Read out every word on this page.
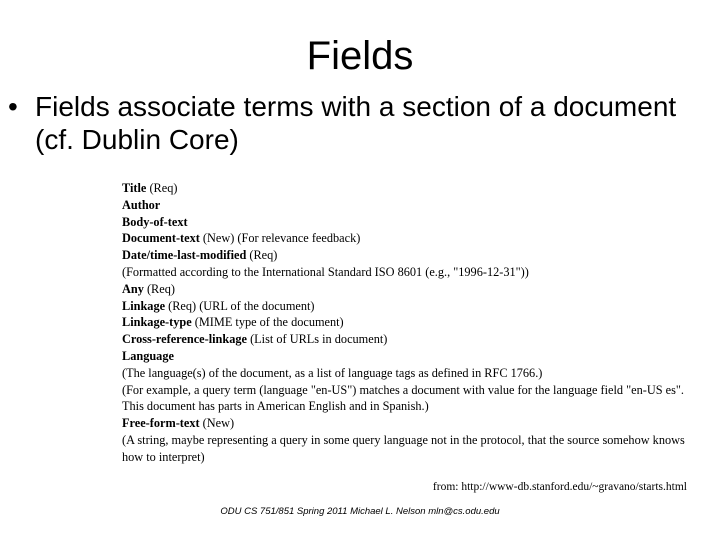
Fields
• Fields associate terms with a section of a document (cf. Dublin Core)
Title (Req)
Author
Body-of-text
Document-text (New) (For relevance feedback)
Date/time-last-modified (Req)
(Formatted according to the International Standard ISO 8601 (e.g., "1996-12-31"))
Any (Req)
Linkage (Req) (URL of the document)
Linkage-type (MIME type of the document)
Cross-reference-linkage (List of URLs in document)
Language
(The language(s) of the document, as a list of language tags as defined in RFC 1766.)
(For example, a query term (language "en-US") matches a document with value for the language field "en-US es". This document has parts in American English and in Spanish.)
Free-form-text (New)
(A string, maybe representing a query in some query language not in the protocol, that the source somehow knows how to interpret)
from: http://www-db.stanford.edu/~gravano/starts.html
ODU CS 751/851 Spring 2011 Michael L. Nelson mln@cs.odu.edu
